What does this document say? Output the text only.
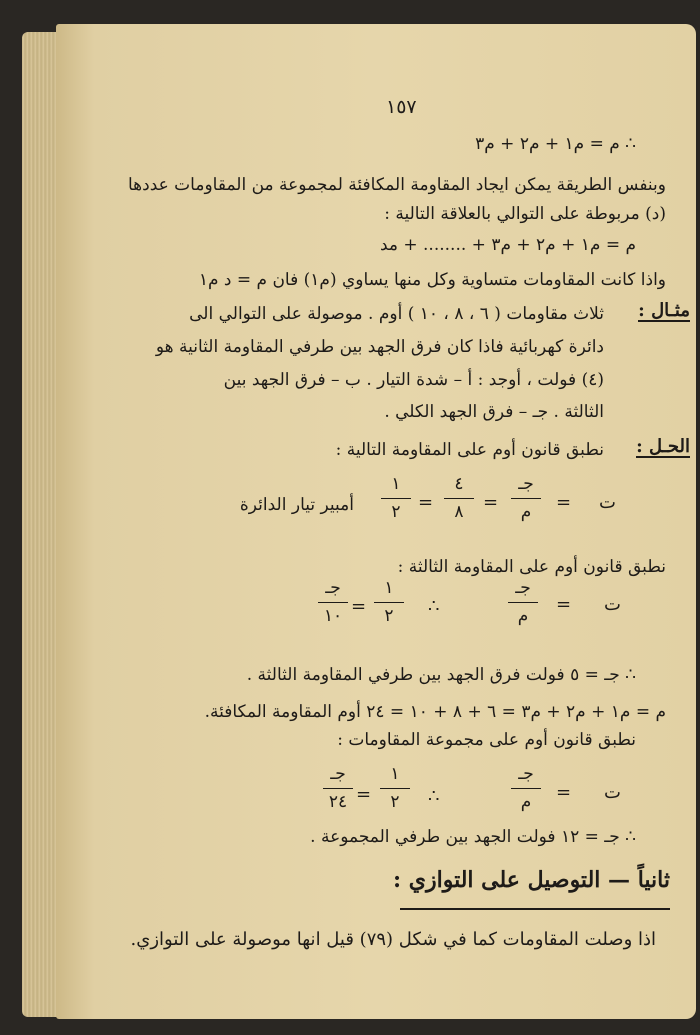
١٥٧
∴ م = م١ + م٢ + م٣
وبنفس الطريقة يمكن ايجاد المقاومة المكافئة لمجموعة من المقاومات عددها
(د) مربوطة على التوالي بالعلاقة التالية :
م = م١ + م٢ + م٣ + ........ + مد
واذا كانت المقاومات متساوية وكل منها يساوي (م١) فان م = د م١
مثـال :
ثلاث مقاومات ( ٦ ، ٨ ، ١٠ ) أوم . موصولة على التوالي الى
دائرة كهربائية فاذا كان فرق الجهد بين طرفي المقاومة الثانية هو
(٤) فولت ، أوجد : أ – شدة التيار . ب – فرق الجهد بين
الثالثة . جـ – فرق الجهد الكلي .
الحـل :
نطبق قانون أوم على المقاومة التالية :
ت
=
جـ
م
=
٤
٨
=
١
٢
أمبير تيار الدائرة
نطبق قانون أوم على المقاومة الثالثة :
ت
=
جـ
م
∴
١
٢
=
جـ
١٠
∴ جـ = ٥ فولت فرق الجهد بين طرفي المقاومة الثالثة .
م = م١ + م٢ + م٣ = ٦ + ٨ + ١٠ = ٢٤ أوم المقاومة المكافئة.
نطبق قانون أوم على مجموعة المقاومات :
ت
=
جـ
م
∴
١
٢
=
جـ
٢٤
∴ جـ = ١٢ فولت الجهد بين طرفي المجموعة .
ثانياً — التوصيل على التوازي :
اذا وصلت المقاومات كما في شكل (٧٩) قيل انها موصولة على التوازي.
